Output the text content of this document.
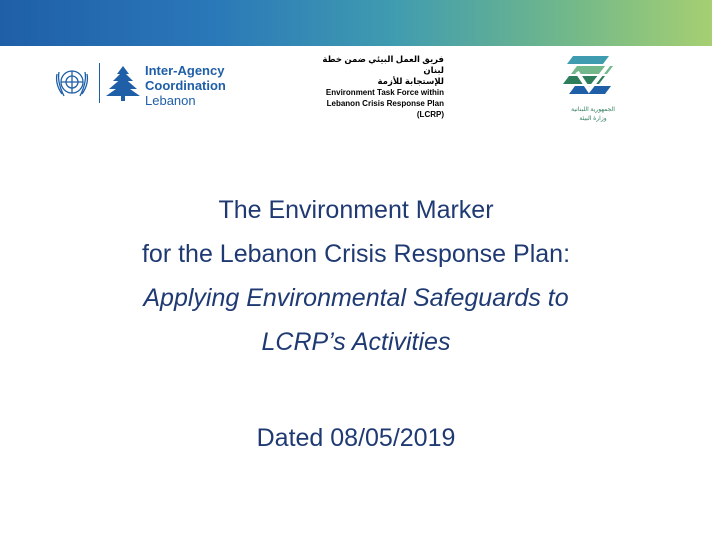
Inter-Agency
Coordination
Lebanon
فريق العمل البيئي ضمن خطة لبنان
للإستجابة للأزمة
Environment Task Force within
Lebanon Crisis Response Plan
(LCRP)	الجمهورية اللبنانية
وزارة البيئة
The Environment Marker
for the Lebanon Crisis Response Plan:
Applying Environmental Safeguards to
LCRP’s Activities
Dated 08/05/2019
